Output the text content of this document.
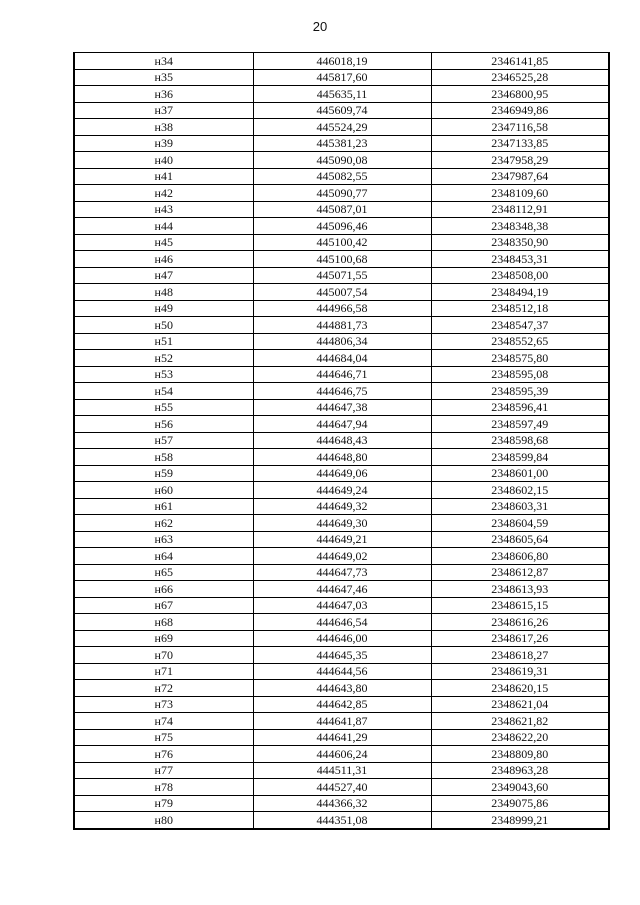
20
н34	446018,19	2346141,85
н35	445817,60	2346525,28
н36	445635,11	2346800,95
н37	445609,74	2346949,86
н38	445524,29	2347116,58
н39	445381,23	2347133,85
н40	445090,08	2347958,29
н41	445082,55	2347987,64
н42	445090,77	2348109,60
н43	445087,01	2348112,91
н44	445096,46	2348348,38
н45	445100,42	2348350,90
н46	445100,68	2348453,31
н47	445071,55	2348508,00
н48	445007,54	2348494,19
н49	444966,58	2348512,18
н50	444881,73	2348547,37
н51	444806,34	2348552,65
н52	444684,04	2348575,80
н53	444646,71	2348595,08
н54	444646,75	2348595,39
н55	444647,38	2348596,41
н56	444647,94	2348597,49
н57	444648,43	2348598,68
н58	444648,80	2348599,84
н59	444649,06	2348601,00
н60	444649,24	2348602,15
н61	444649,32	2348603,31
н62	444649,30	2348604,59
н63	444649,21	2348605,64
н64	444649,02	2348606,80
н65	444647,73	2348612,87
н66	444647,46	2348613,93
н67	444647,03	2348615,15
н68	444646,54	2348616,26
н69	444646,00	2348617,26
н70	444645,35	2348618,27
н71	444644,56	2348619,31
н72	444643,80	2348620,15
н73	444642,85	2348621,04
н74	444641,87	2348621,82
н75	444641,29	2348622,20
н76	444606,24	2348809,80
н77	444511,31	2348963,28
н78	444527,40	2349043,60
н79	444366,32	2349075,86
н80	444351,08	2348999,21
